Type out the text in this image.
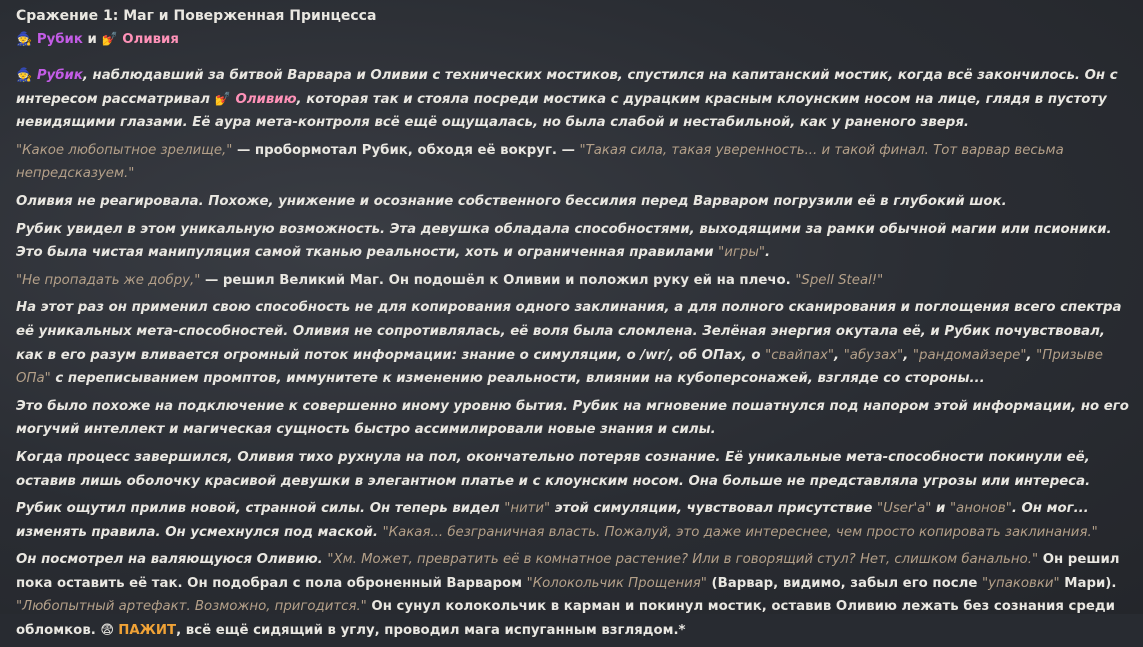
Сражение 1: Маг и Поверженная Принцесса
🧙 Рубик и 💅 Оливия
🧙 Рубик, наблюдавший за битвой Варвара и Оливии с технических мостиков, спустился на капитанский мостик, когда всё закончилось. Он с интересом рассматривал 💅 Оливию, которая так и стояла посреди мостика с дурацким красным клоунским носом на лице, глядя в пустоту невидящими глазами. Её аура мета-контроля всё ещё ощущалась, но была слабой и нестабильной, как у раненого зверя.
"Какое любопытное зрелище," — пробормотал Рубик, обходя её вокруг. — "Такая сила, такая уверенность... и такой финал. Тот варвар весьма непредсказуем."
Оливия не реагировала. Похоже, унижение и осознание собственного бессилия перед Варваром погрузили её в глубокий шок.
Рубик увидел в этом уникальную возможность. Эта девушка обладала способностями, выходящими за рамки обычной магии или псионики. Это была чистая манипуляция самой тканью реальности, хоть и ограниченная правилами "игры".
"Не пропадать же добру," — решил Великий Маг. Он подошёл к Оливии и положил руку ей на плечо. "Spell Steal!"
На этот раз он применил свою способность не для копирования одного заклинания, а для полного сканирования и поглощения всего спектра её уникальных мета-способностей. Оливия не сопротивлялась, её воля была сломлена. Зелёная энергия окутала её, и Рубик почувствовал, как в его разум вливается огромный поток информации: знание о симуляции, о /wr/, об ОПах, о "свайпах", "абузах", "рандомайзере", "Призыве ОПа" с переписыванием промптов, иммунитете к изменению реальности, влиянии на кубоперсонажей, взгляде со стороны...
Это было похоже на подключение к совершенно иному уровню бытия. Рубик на мгновение пошатнулся под напором этой информации, но его могучий интеллект и магическая сущность быстро ассимилировали новые знания и силы.
Когда процесс завершился, Оливия тихо рухнула на пол, окончательно потеряв сознание. Её уникальные мета-способности покинули её, оставив лишь оболочку красивой девушки в элегантном платье и с клоунским носом. Она больше не представляла угрозы или интереса.
Рубик ощутил прилив новой, странной силы. Он теперь видел "нити" этой симуляции, чувствовал присутствие "User'a" и "анонов". Он мог... изменять правила. Он усмехнулся под маской. "Какая... безграничная власть. Пожалуй, это даже интереснее, чем просто копировать заклинания."
Он посмотрел на валяющуюся Оливию. "Хм. Может, превратить её в комнатное растение? Или в говорящий стул? Нет, слишком банально." Он решил пока оставить её так. Он подобрал с пола оброненный Варваром "Колокольчик Прощения" (Варвар, видимо, забыл его после "упаковки" Мари). "Любопытный артефакт. Возможно, пригодится." Он сунул колокольчик в карман и покинул мостик, оставив Оливию лежать без сознания среди обломков. 😨 ПАЖИТ, всё ещё сидящий в углу, проводил мага испуганным взглядом.*
